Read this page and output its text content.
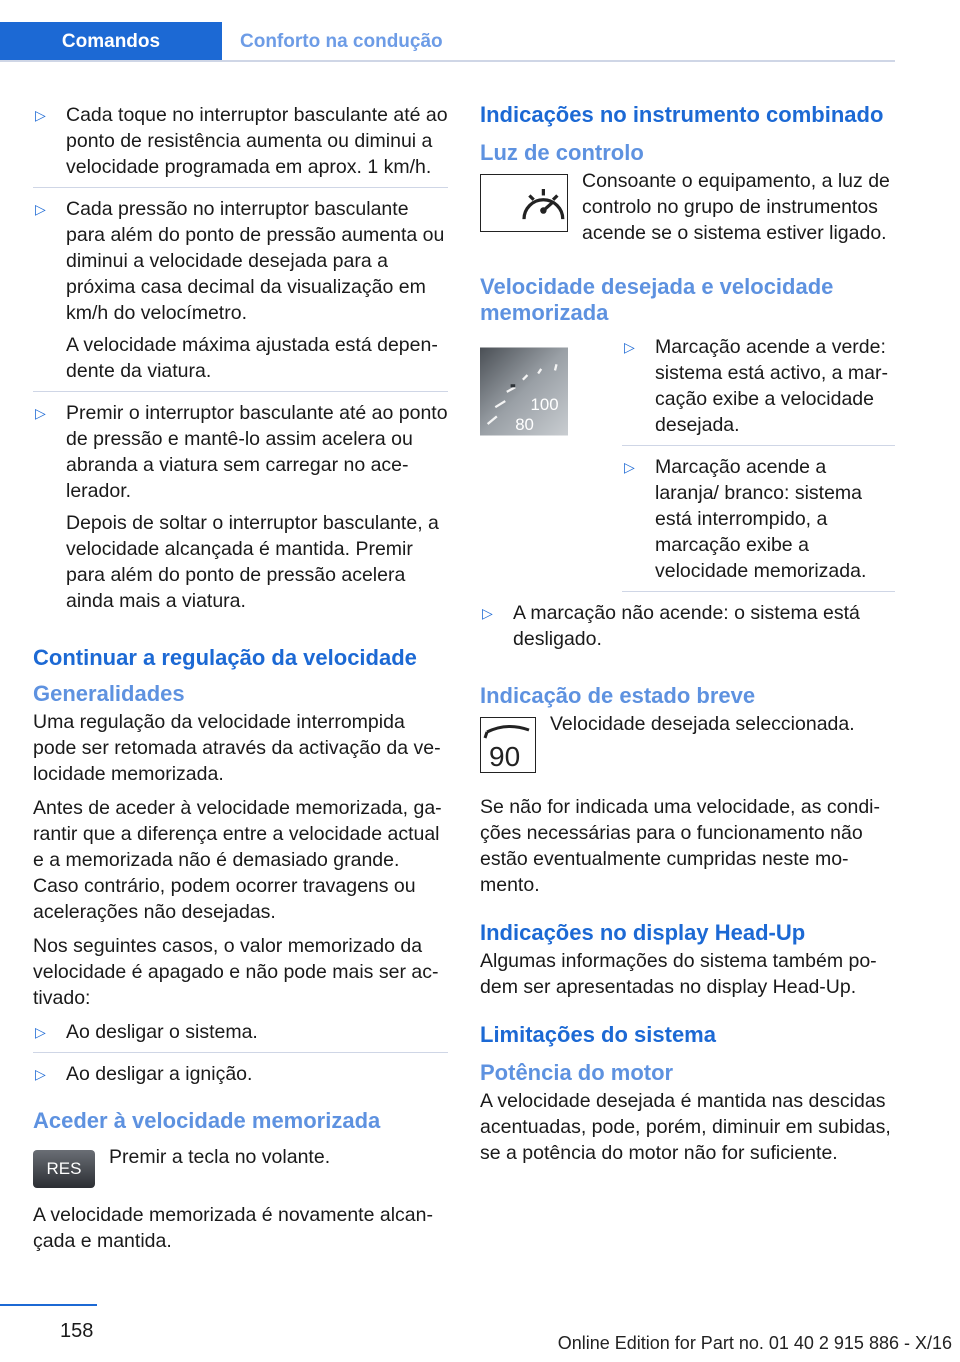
Comandos	Conforto na condução
▷ Cada toque no interruptor basculante até ao ponto de resistência aumenta ou diminui a velocidade programada em aprox. 1 km/h.

▷ Cada pressão no interruptor basculante para além do ponto de pressão aumenta ou diminui a velocidade desejada para a próxima casa decimal da visualização em km/h do velocímetro.

A velocidade máxima ajustada está dependente da viatura.

▷ Premir o interruptor basculante até ao ponto de pressão e mantê-lo assim acelera ou abranda a viatura sem carregar no acelerador.

Depois de soltar o interruptor basculante, a velocidade alcançada é mantida. Premir para além do ponto de pressão acelera ainda mais a viatura.

Continuar a regulação da velocidade
Generalidades

Uma regulação da velocidade interrompida pode ser retomada através da activação da velocidade memorizada.

Antes de aceder à velocidade memorizada, garantir que a diferença entre a velocidade actual e a memorizada não é demasiado grande. Caso contrário, podem ocorrer travagens ou acelerações não desejadas.

Nos seguintes casos, o valor memorizado da velocidade é apagado e não pode mais ser activado:

▷ Ao desligar o sistema.

▷ Ao desligar a ignição.

Aceder à velocidade memorizada
RES
Premir a tecla no volante.

A velocidade memorizada é novamente alcançada e mantida.

Indicações no instrumento combinado
Luz de controlo
Consoante o equipamento, a luz de controlo no grupo de instrumentos acende se o sistema estiver ligado.
Velocidade desejada e velocidade memorizada
100
80
▷ Marcação acende a verde: sistema está activo, a marcação exibe a velocidade desejada.

▷ Marcação acende a laranja/ branco: sistema está interrompido, a marcação exibe a velocidade memorizada.

▷ A marcação não acende: o sistema está desligado.

Indicação de estado breve
90
Velocidade desejada seleccionada.

Se não for indicada uma velocidade, as condições necessárias para o funcionamento não estão eventualmente cumpridas neste momento.

Indicações no display Head-Up

Algumas informações do sistema também podem ser apresentadas no display Head-Up.

Limitações do sistema
Potência do motor

A velocidade desejada é mantida nas descidas acentuadas, pode, porém, diminuir em subidas, se a potência do motor não for suficiente.

158
Online Edition for Part no. 01 40 2 915 886 - X/16
